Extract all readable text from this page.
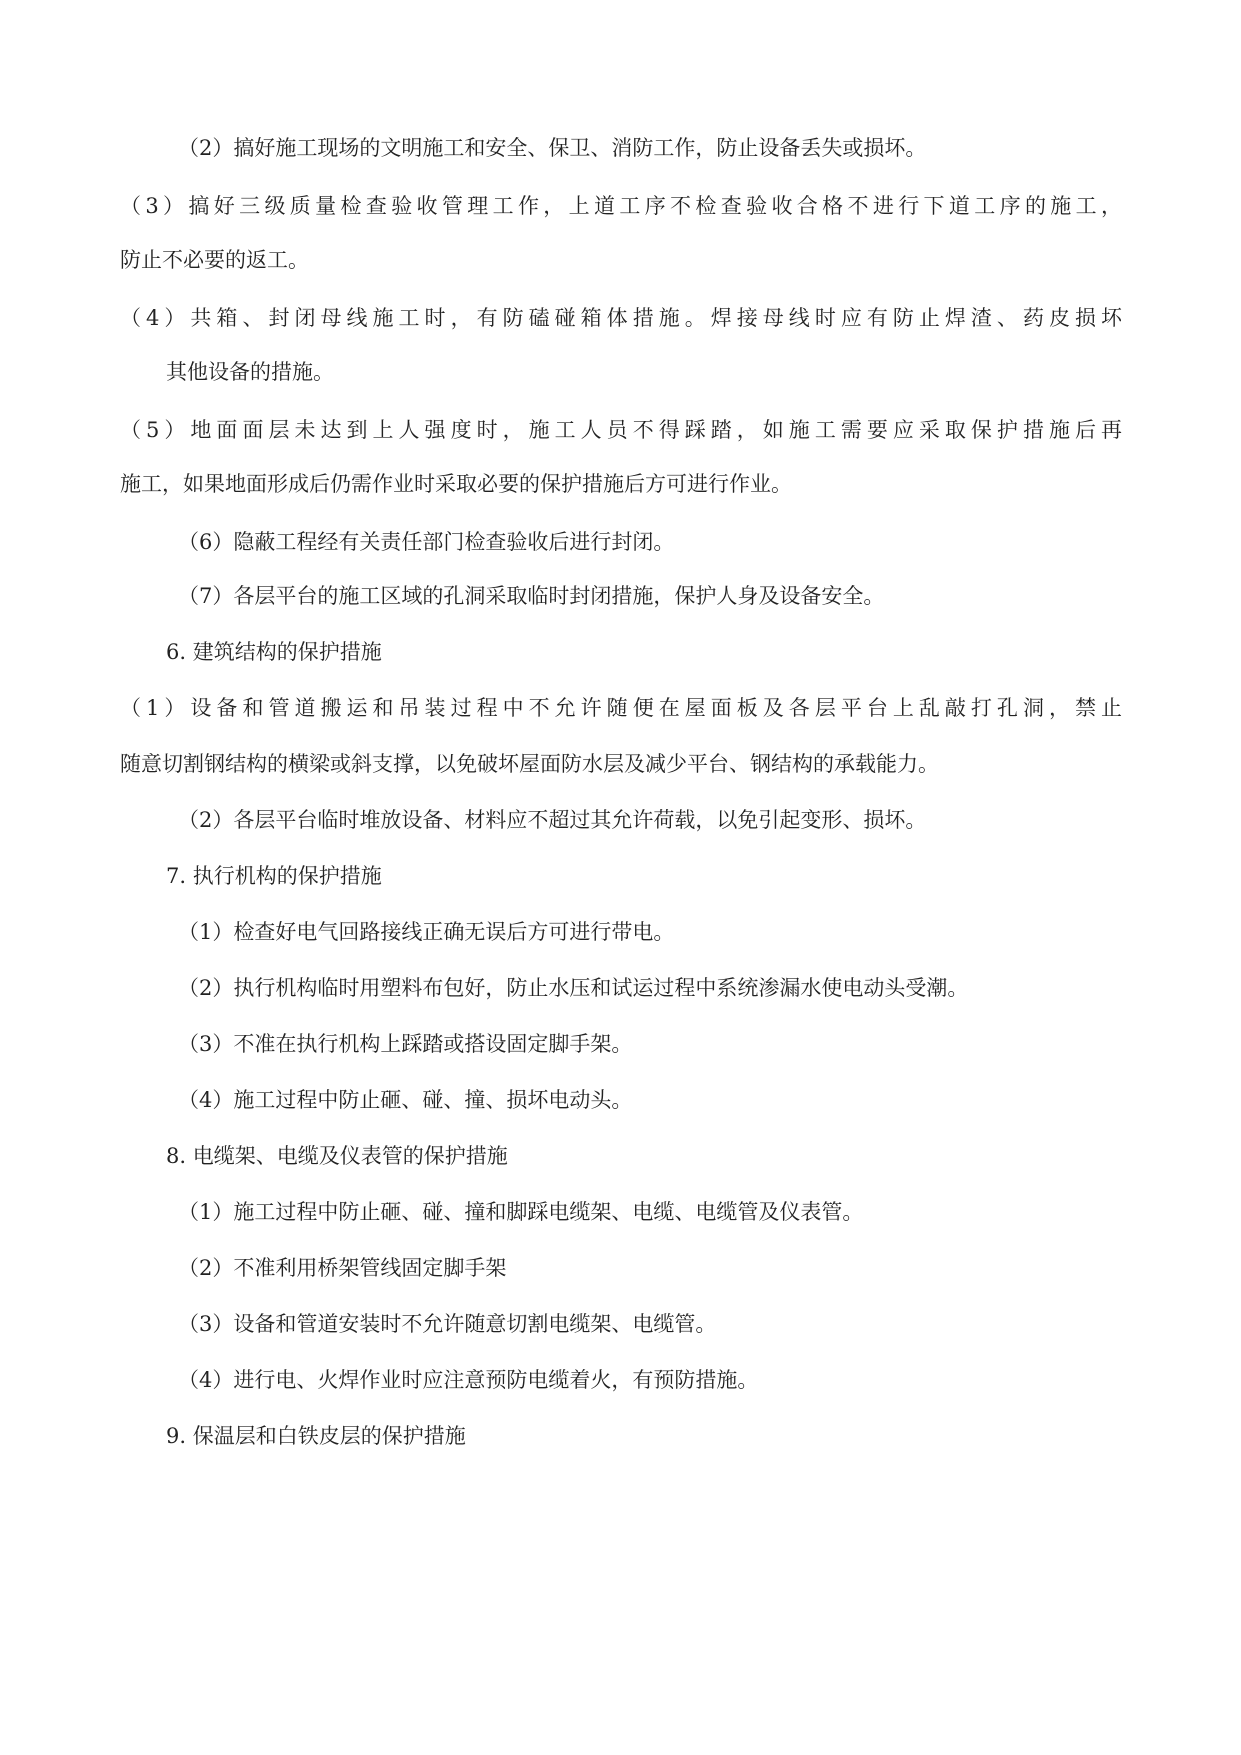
（2）搞好施工现场的文明施工和安全、保卫、消防工作，防止设备丢失或损坏。
（3）搞好三级质量检查验收管理工作，上道工序不检查验收合格不进行下道工序的施工，
防止不必要的返工。
（4）共箱、封闭母线施工时，有防磕碰箱体措施。焊接母线时应有防止焊渣、药皮损坏
其他设备的措施。
（5）地面面层未达到上人强度时，施工人员不得踩踏，如施工需要应采取保护措施后再
施工，如果地面形成后仍需作业时采取必要的保护措施后方可进行作业。
（6）隐蔽工程经有关责任部门检查验收后进行封闭。
（7）各层平台的施工区域的孔洞采取临时封闭措施，保护人身及设备安全。
6. 建筑结构的保护措施
（1）设备和管道搬运和吊装过程中不允许随便在屋面板及各层平台上乱敲打孔洞，禁止
随意切割钢结构的横梁或斜支撑，以免破坏屋面防水层及减少平台、钢结构的承载能力。
（2）各层平台临时堆放设备、材料应不超过其允许荷载，以免引起变形、损坏。
7. 执行机构的保护措施
（1）检查好电气回路接线正确无误后方可进行带电。
（2）执行机构临时用塑料布包好，防止水压和试运过程中系统渗漏水使电动头受潮。
（3）不准在执行机构上踩踏或搭设固定脚手架。
（4）施工过程中防止砸、碰、撞、损坏电动头。
8. 电缆架、电缆及仪表管的保护措施
（1）施工过程中防止砸、碰、撞和脚踩电缆架、电缆、电缆管及仪表管。
（2）不准利用桥架管线固定脚手架
（3）设备和管道安装时不允许随意切割电缆架、电缆管。
（4）进行电、火焊作业时应注意预防电缆着火，有预防措施。
9. 保温层和白铁皮层的保护措施
